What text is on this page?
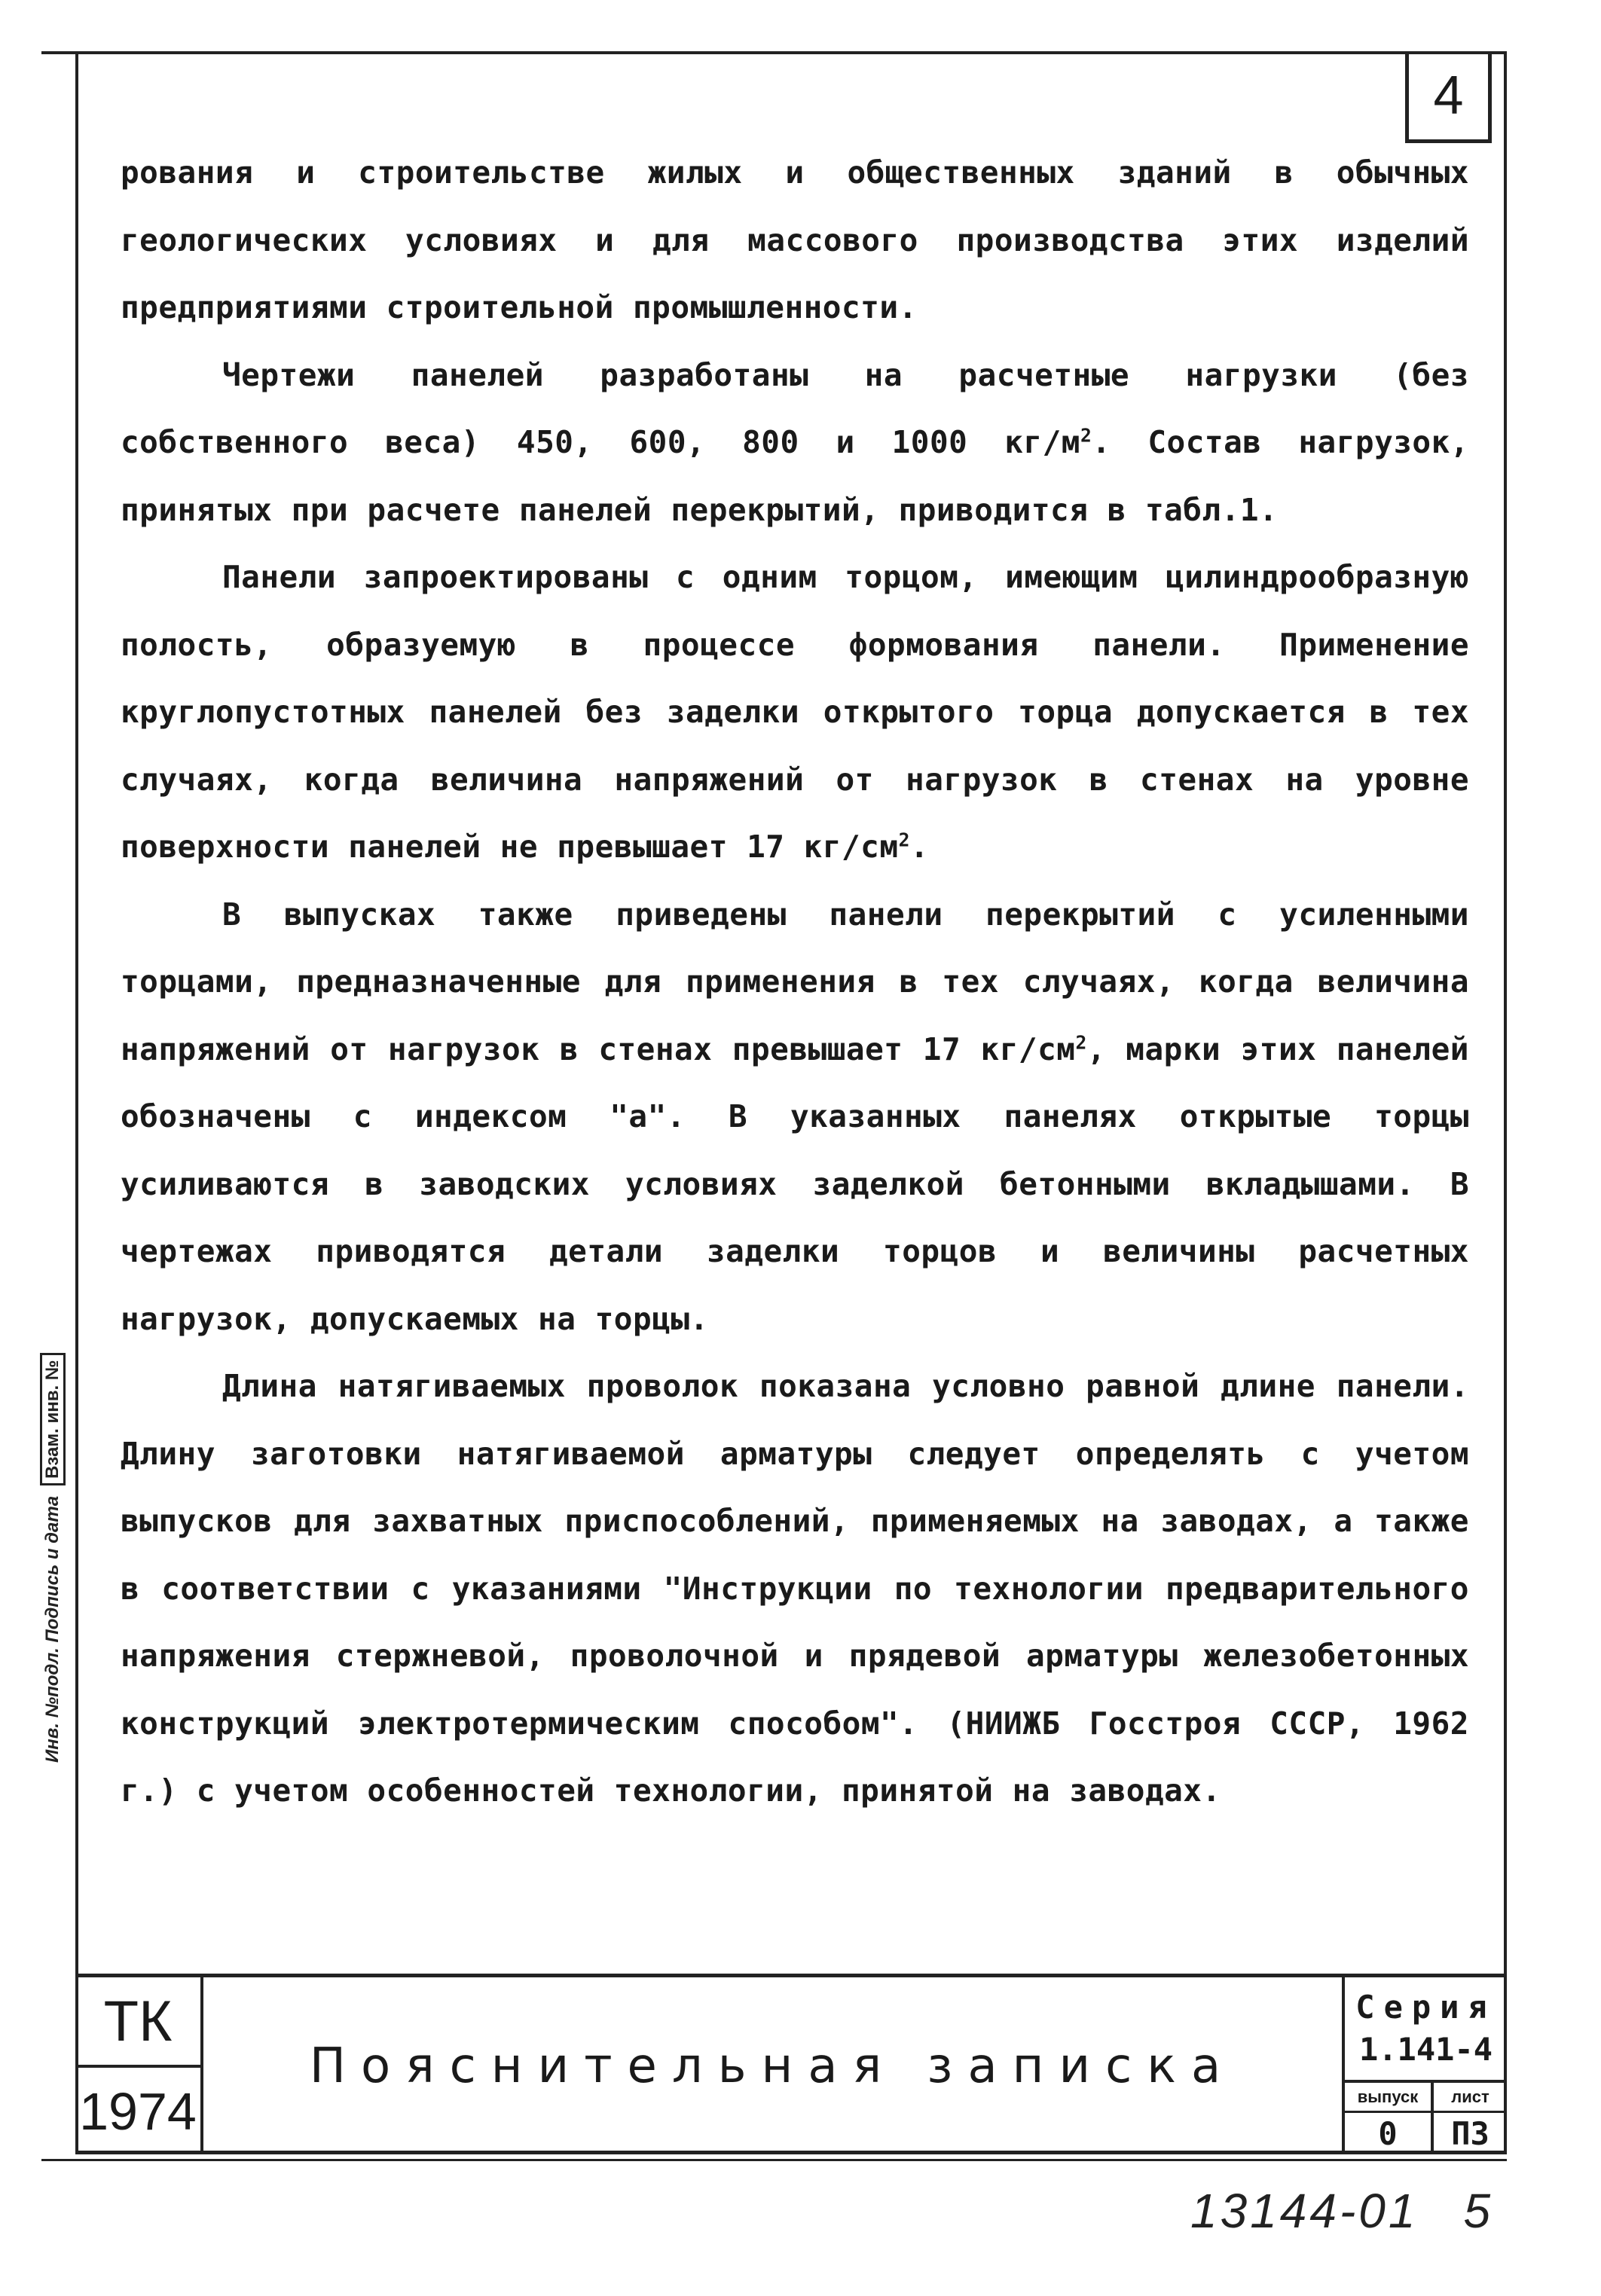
4
Инв. №подл. Подпись и дата
Взам. инв. №

рования и строительстве жилых и общественных зданий в обычных геологических условиях и для массового производства этих изделий предприятиями строительной промышленности.

Чертежи панелей разработаны на расчетные нагрузки (без собственного веса) 450, 600, 800 и 1000 $кг/м^2$. Состав нагрузок, принятых при расчете панелей перекрытий, приводится в табл.1.

Панели запроектированы с одним торцом, имеющим цилиндрообразную полость, образуемую в процессе формования панели. Применение круглопустотных панелей без заделки открытого торца допускается в тех случаях, когда величина напряжений от нагрузок в стенах на уровне поверхности панелей не превышает 17 $кг/см^2$.

В выпусках также приведены панели перекрытий с усиленными торцами, предназначенные для применения в тех случаях, когда величина напряжений от нагрузок в стенах превышает 17 $кг/см^2$, марки этих панелей обозначены с индексом "а". В указанных панелях открытые торцы усиливаются в заводских условиях заделкой бетонными вкладышами. В чертежах приводятся детали заделки торцов и величины расчетных нагрузок, допускаемых на торцы.

Длина натягиваемых проволок показана условно равной длине панели. Длину заготовки натягиваемой арматуры следует определять с учетом выпусков для захватных приспособлений, применяемых на заводах, а также в соответствии с указаниями "Инструкции по технологии предварительного напряжения стержневой, проволочной и прядевой арматуры железобетонных конструкций электротермическим способом". (НИИЖБ Госстроя СССР, 1962 г.) с учетом особенностей технологии, принятой на заводах.

ТК
1974
Пояснительная записка
Серия
1.141-4
выпуск	лист
0	П3
13144-01 5
